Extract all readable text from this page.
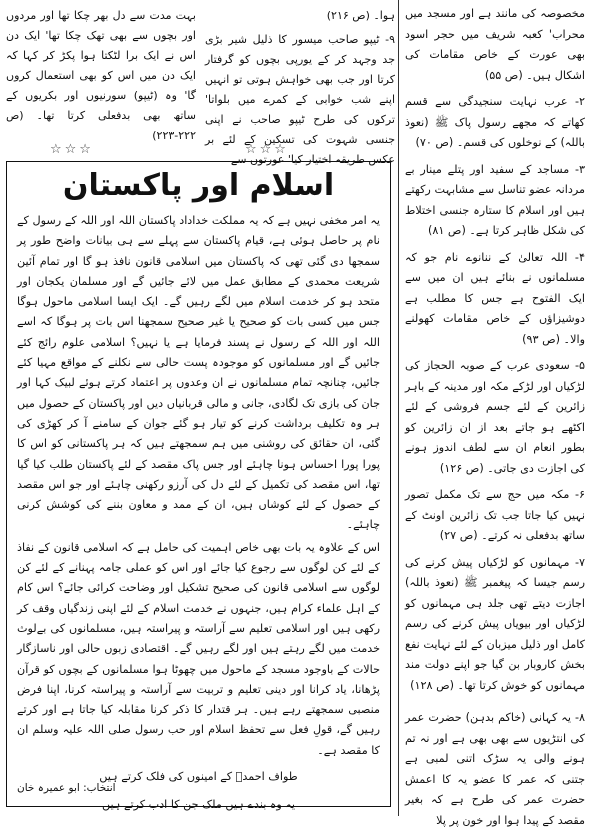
مخصوصہ کی مانند ہے اور مسجد میں محراب' کعبہ شریف میں حجر اسود بھی عورت کے خاص مقامات کی اشکال ہیں۔ (ص ۵۵)

۲- عرب نہایت سنجیدگی سے قسم کھاتے کہ مجھے رسول پاک ﷺ (نعوذ باللہ) کے نوخلوں کی قسم۔ (ص ۷۰)

۳- مساجد کے سفید اور پتلے مینار بے مردانہ عضو تناسل سے مشابہت رکھتے ہیں اور اسلام کا ستارہ جنسی اختلاط کی شکل ظاہر کرتا ہے۔ (ص ۸۱)

۴- اللہ تعالیٰ کے ننانوے نام جو کہ مسلمانوں نے بنائے ہیں ان میں سے ایک الفتوح ہے جس کا مطلب ہے دوشیزاؤں کے خاص مقامات کھولنے والا۔ (ص ۹۳)

۵- سعودی عرب کے صوبہ الحجاز کی لڑکیاں اور لڑکے مکہ اور مدینہ کے باہر زائرین کے لئے جسم فروشی کے لئے اکٹھے ہو جاتے بعد از ان زائرین کو بطور انعام ان سے لطف اندوز ہونے کی اجازت دی جاتی۔ (ص ۱۲۶)

۶- مکہ میں حج سے تک مکمل تصور نہیں کیا جاتا جب تک زائرین اونٹ کے ساتھ بدفعلی نہ کرتے۔ (ص ۲۷)

۷- مہمانوں کو لڑکیاں پیش کرنے کی رسم جیسا کہ پیغمبر ﷺ (نعوذ باللہ) اجازت دیتے تھی جلد ہی مہمانوں کو لڑکیاں اور بیویاں پیش کرنے کی رسم کامل اور ذلیل میزبان کے لئے نہایت نفع بخش کاروبار بن گیا جو اپنے دولت مند مہمانوں کو خوش کرتا تھا۔ (ص ۱۲۸)

۸- یہ کہانی (خاکم بدہن) حضرت عمر کی انتڑیوں سے بھی بھی ہے اور نہ تم ہونے والی یہ سڑک اتنی لمبی ہے جتنی کہ عمر کا عضو یہ کا اعمش حضرت عمر کی طرح ہے کہ بغیر مقصد کے پیدا ہوا اور خون پر پلا

ہوا۔ (ص ۲۱۶)

۹- ٹیپو صاحب میسور کا ذلیل شیر بڑی جد وجہد کر کے یورپی بچوں کو گرفتار کرتا اور جب بھی خواہش ہوتی تو انہیں اپنے شب خوابی کے کمرے میں بلواتا' ترکوں کی طرح ٹیپو صاحب نے اپنی جنسی شہوت کی تسکین کے لئے بر عکس طریقہ اختیار کیا' عورتوں سے

بہت مدت سے دل بھر چکا تھا اور مردوں اور بچوں سے بھی تھک چکا تھا' ایک دن اس نے ایک برا لٹکتا ہوا پکڑ کر کہا کہ ایک دن میں اس کو بھی استعمال کروں گا' وہ (ٹیپو) سورنیوں اور بکریوں کے ساتھ بھی بدفعلی کرتا تھا۔ (ص ۲۲۲-۲۲۳)

☆☆☆	☆☆☆
اسلام اور پاکستان

یہ امر مخفی نہیں ہے کہ یہ مملکت خداداد پاکستان اللہ اور اللہ کے رسول کے نام پر حاصل ہوئی ہے، قیام پاکستان سے پہلے سے ہی بیانات واضح طور پر سمجھا دی گئی تھی کہ پاکستان میں اسلامی قانون نافذ ہو گا اور تمام آئین شریعت محمدی کے مطابق عمل میں لائے جائیں گے اور مسلمان یکجان اور متحد ہو کر خدمت اسلام میں لگے رہیں گے۔ ایک ایسا اسلامی ماحول ہوگا جس میں کسی بات کو صحیح یا غیر صحیح سمجھنا اس بات پر ہوگا کہ اسے اللہ اور اللہ کے رسول نے پسند فرمایا ہے یا نہیں؟ اسلامی علوم رائج کئے جائیں گے اور مسلمانوں کو موجودہ پست حالی سے نکلنے کے مواقع مہیا کئے جائیں، چنانچہ تمام مسلمانوں نے ان وعدوں پر اعتماد کرتے ہوئے لبیک کہا اور جان کی بازی تک لگادی، جانی و مالی قربانیاں دیں اور پاکستان کے حصول میں ہر وہ تکلیف برداشت کرنے کو تیار ہو گئے جوان کے سامنے آ کر کھڑی کی گئی، ان حقائق کی روشنی میں ہم سمجھتے ہیں کہ ہر پاکستانی کو اس کا پورا پورا احساس ہونا چاہئے اور جس پاک مقصد کے لئے پاکستان طلب کیا گیا تھا، اس مقصد کی تکمیل کے لئے دل کی آرزو رکھنی چاہئے اور جو اس مقصد کے حصول کے لئے کوشاں ہیں، ان کے ممد و معاون بننے کی کوشش کرنی چاہئے۔

اس کے علاوہ یہ بات بھی خاص اہمیت کی حامل ہے کہ اسلامی قانون کے نفاذ کے لئے کن لوگوں سے رجوع کیا جائے اور اس کو عملی جامہ پہنانے کے لئے کن لوگوں سے اسلامی قانون کی صحیح تشکیل اور وضاحت کرائی جائے؟ اس کام کے اہل علماء کرام ہیں، جنہوں نے خدمت اسلام کے لئے اپنی زندگیاں وقف کر رکھی ہیں اور اسلامی تعلیم سے آراستہ و پیراستہ ہیں، مسلمانوں کی بےلوث خدمت میں لگے رہتے ہیں اور لگے رہیں گے۔ اقتصادی زبوں حالی اور ناسازگار حالات کے باوجود مسجد کے ماحول میں چھوٹا ہوا مسلمانوں کے بچوں کو قرآن پڑھانا، یاد کرانا اور دینی تعلیم و تربیت سے آراستہ و پیراستہ کرنا، اپنا فرض منصبی سمجھتے رہے ہیں۔ ہر قتدار کا ذکر کرنا مقابلہ کیا جاتا ہے اور کرتے رہیں گے، قولِ فعل سے تحفظ اسلام اور حب رسول صلی اللہ علیہ وسلم ان کا مقصد ہے۔

طواف احمدؐ کے امینوں کی فلک کرتے ہیں
یہ وہ بندے ہیں ملک جن کا ادب کرتے ہیں
انتخاب: ابو عمیرہ خان
